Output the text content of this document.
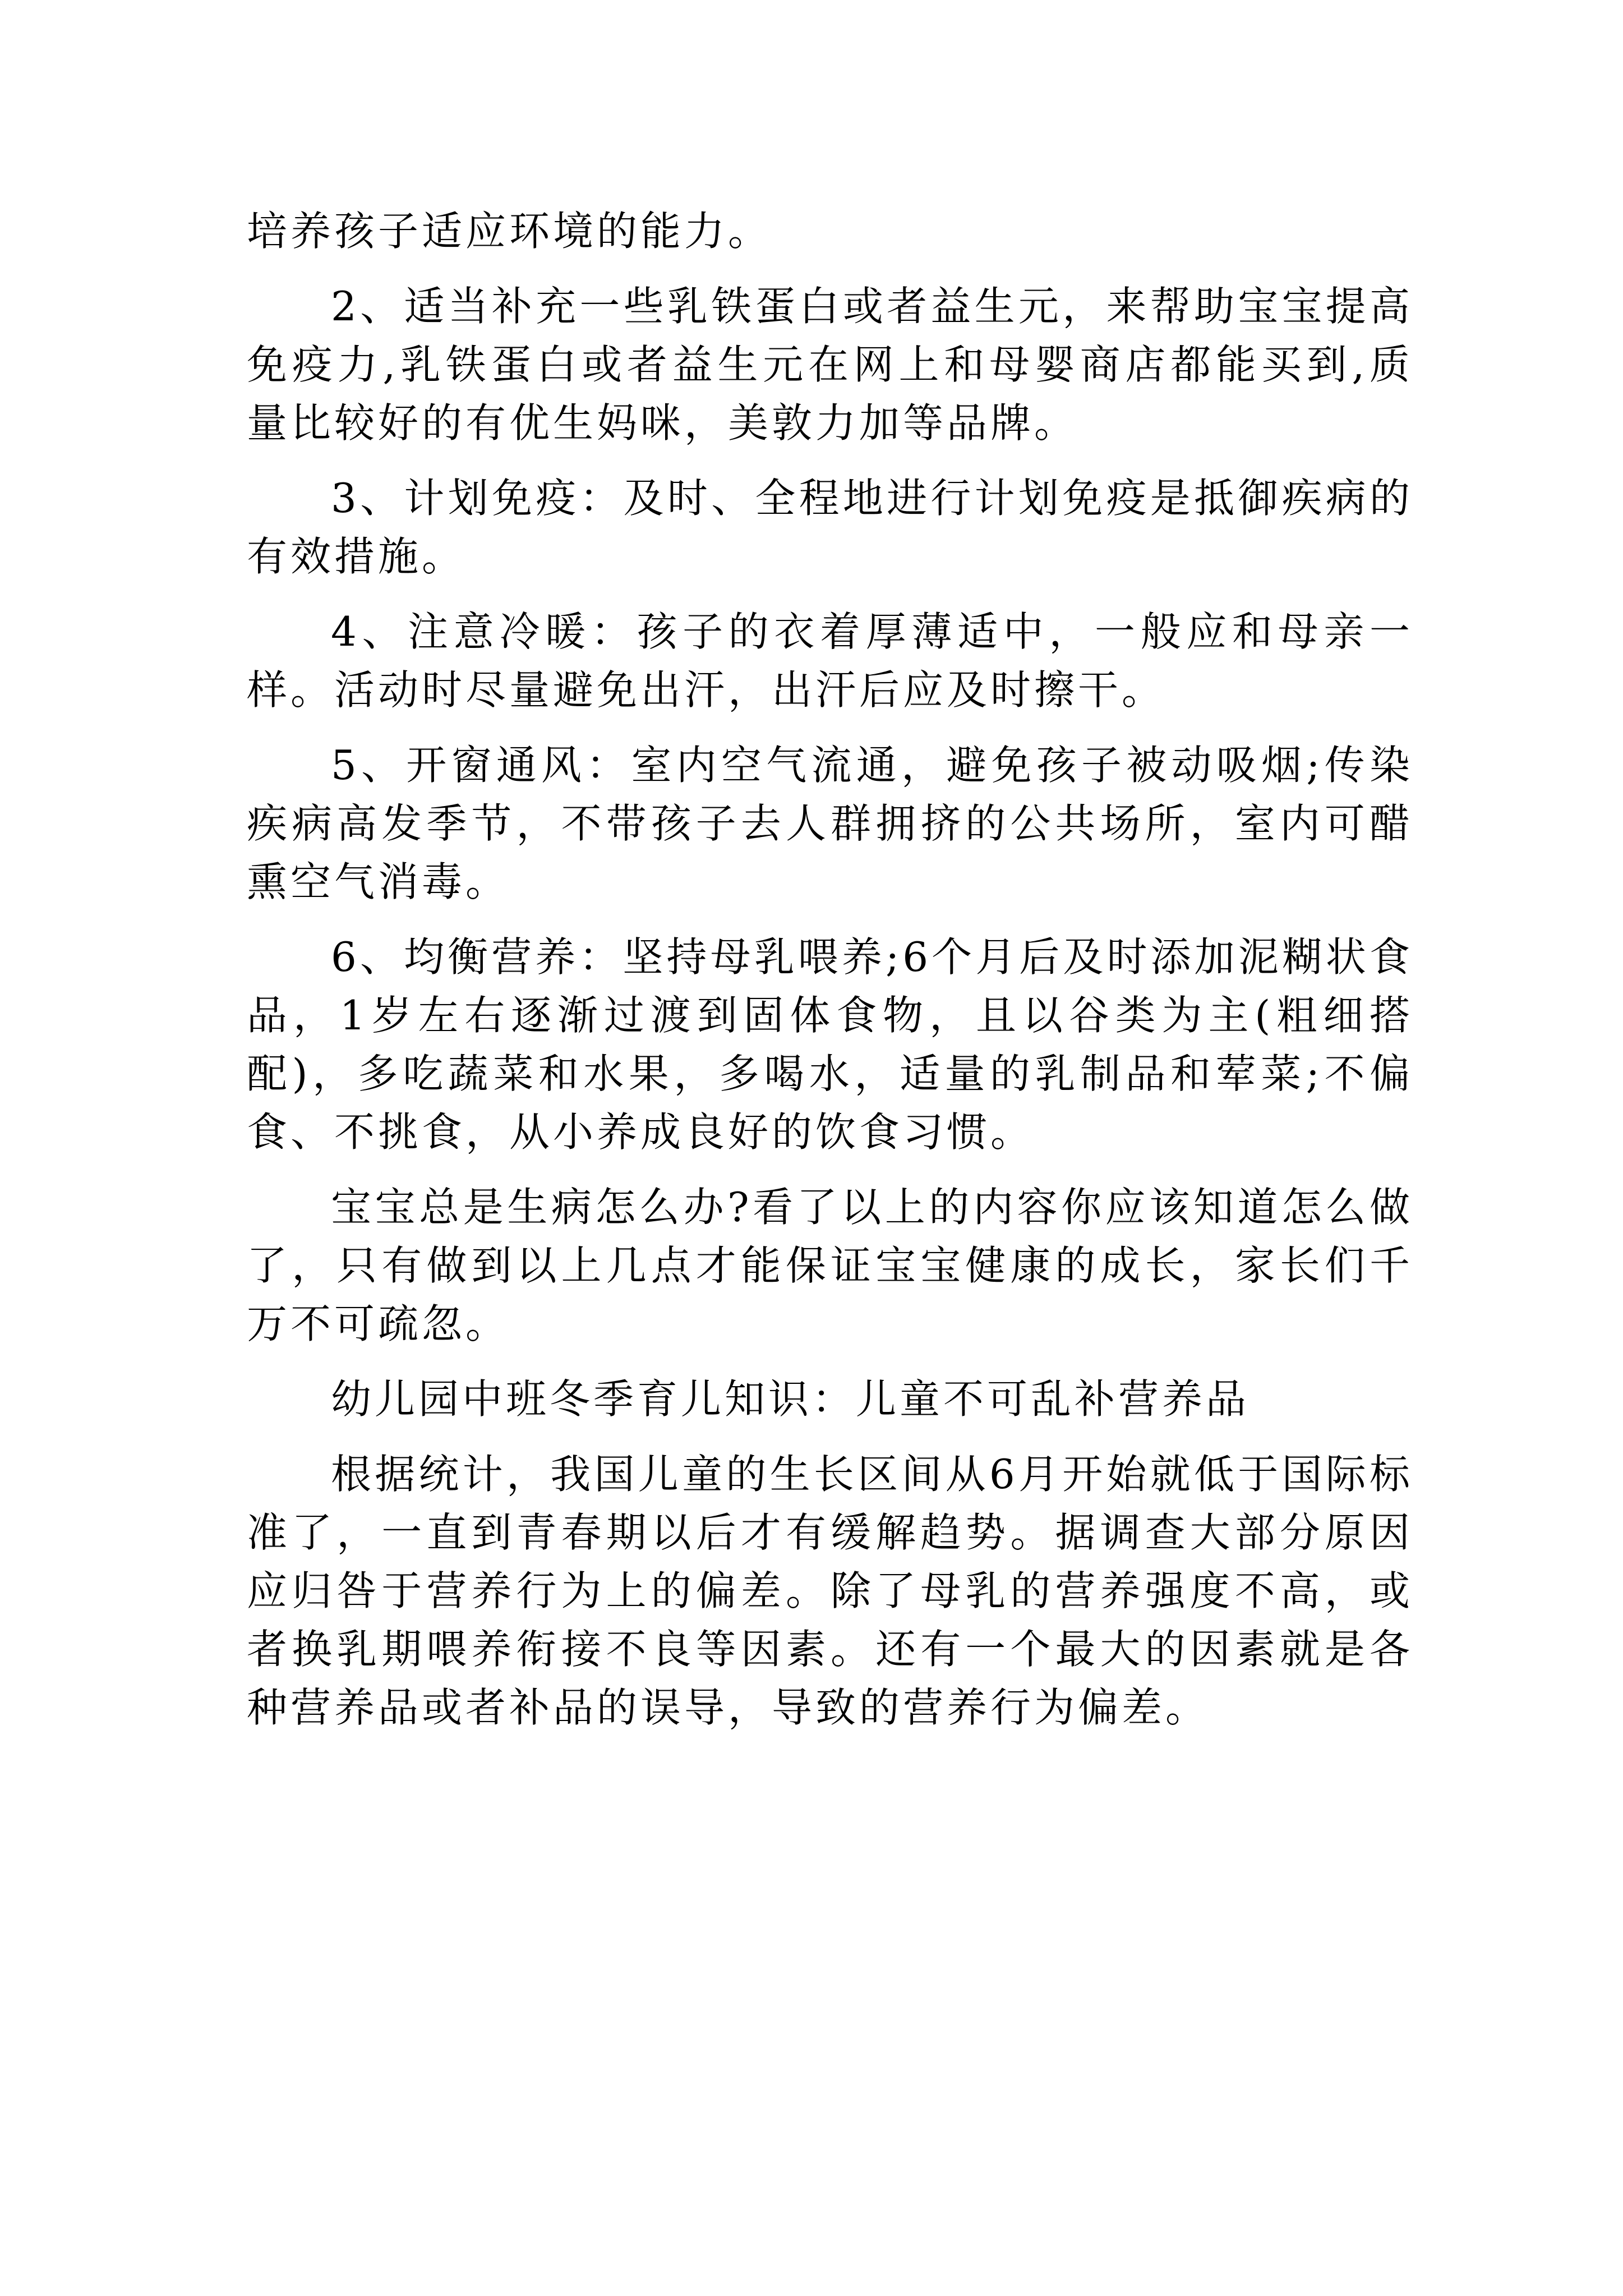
培养孩子适应环境的能力。

2、适当补充一些乳铁蛋白或者益生元，来帮助宝宝提高免疫力,乳铁蛋白或者益生元在网上和母婴商店都能买到,质量比较好的有优生妈咪，美敦力加等品牌。

3、计划免疫：及时、全程地进行计划免疫是抵御疾病的有效措施。

4、注意冷暖：孩子的衣着厚薄适中，一般应和母亲一样。活动时尽量避免出汗，出汗后应及时擦干。

5、开窗通风：室内空气流通，避免孩子被动吸烟;传染疾病高发季节，不带孩子去人群拥挤的公共场所，室内可醋熏空气消毒。

6、均衡营养：坚持母乳喂养;6个月后及时添加泥糊状食品，1岁左右逐渐过渡到固体食物，且以谷类为主(粗细搭配)，多吃蔬菜和水果，多喝水，适量的乳制品和荤菜;不偏食、不挑食，从小养成良好的饮食习惯。

宝宝总是生病怎么办?看了以上的内容你应该知道怎么做了，只有做到以上几点才能保证宝宝健康的成长，家长们千万不可疏忽。

幼儿园中班冬季育儿知识：儿童不可乱补营养品

根据统计，我国儿童的生长区间从6月开始就低于国际标准了，一直到青春期以后才有缓解趋势。据调查大部分原因应归咎于营养行为上的偏差。除了母乳的营养强度不高，或者换乳期喂养衔接不良等因素。还有一个最大的因素就是各种营养品或者补品的误导，导致的营养行为偏差。
